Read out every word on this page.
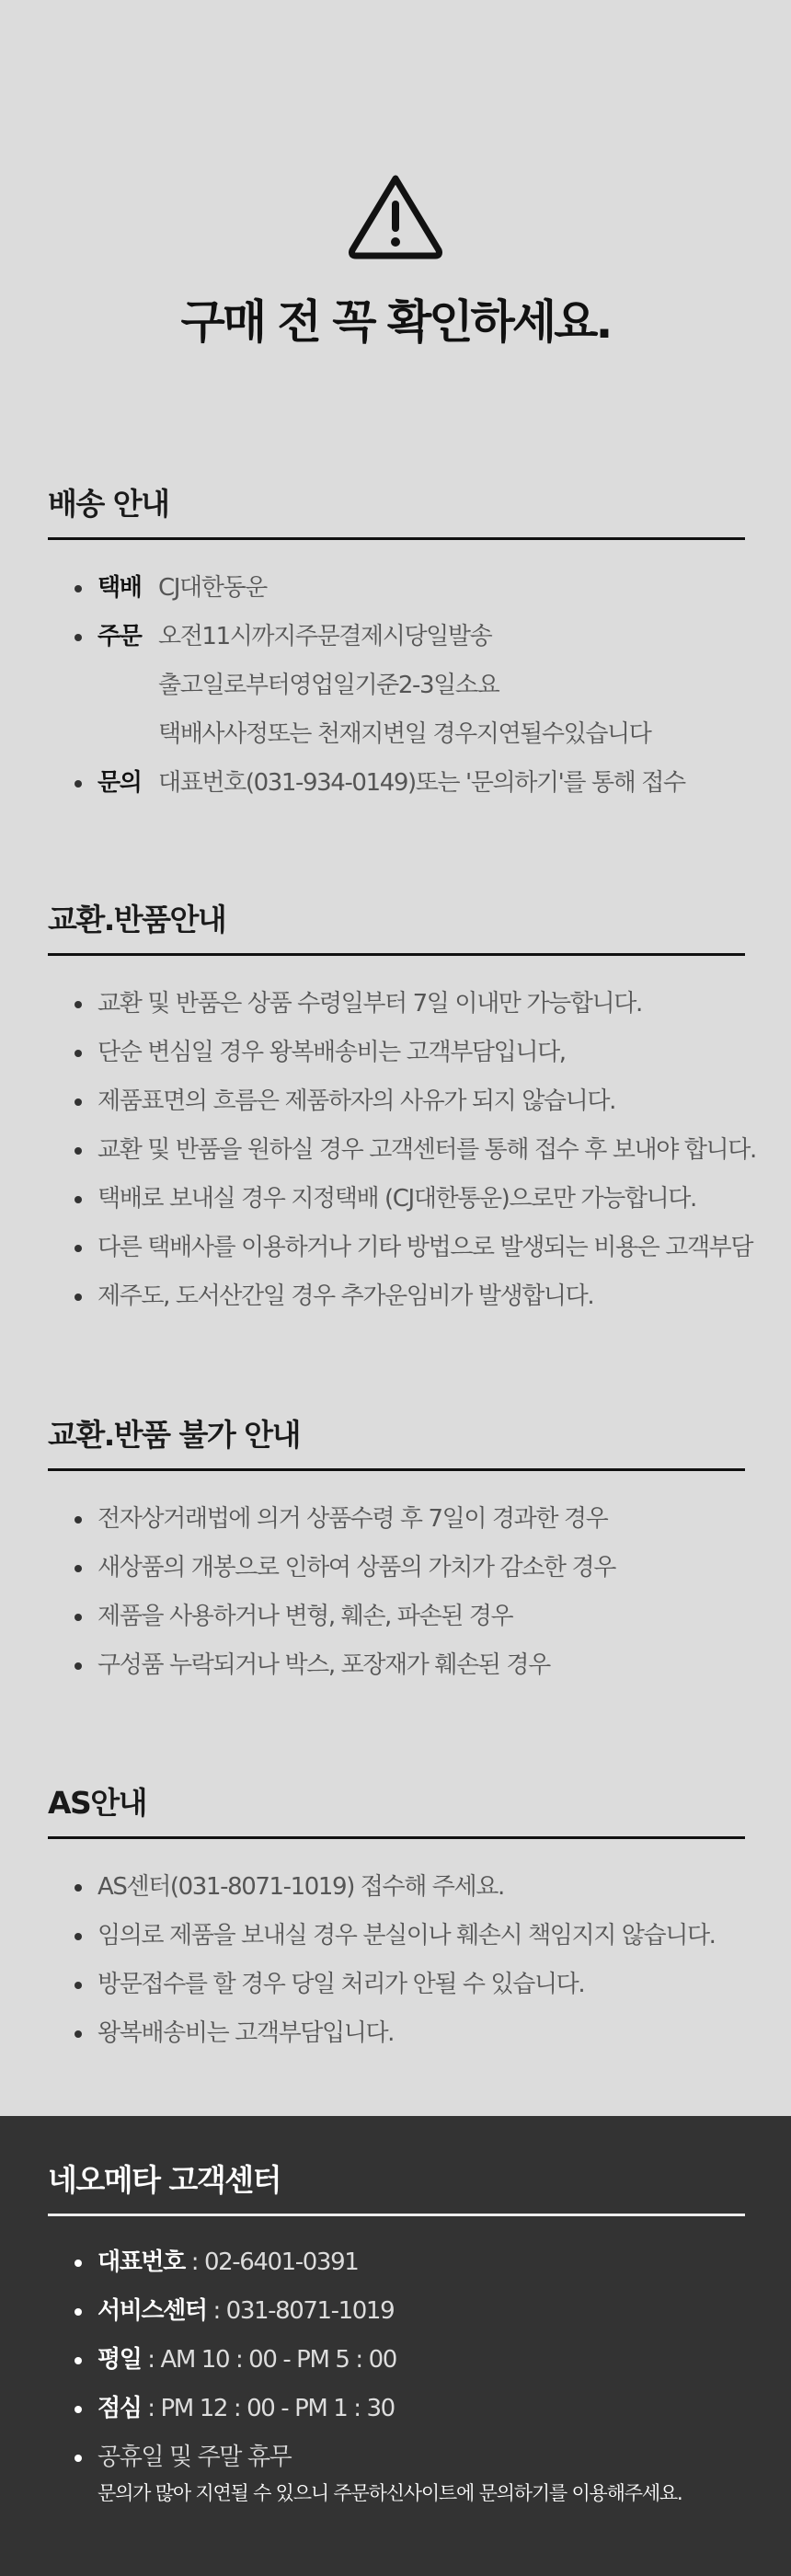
구매 전 꼭 확인하세요.
배송 안내
택배 CJ대한동운
주문 오전11시까지주문결제시당일발송
출고일로부터영업일기준2-3일소요
택배사사정또는 천재지변일 경우지연될수있습니다
문의 대표번호(031-934-0149)또는 '문의하기'를 통해 접수
교환.반품안내
교환 및 반품은 상품 수령일부터 7일 이내만 가능합니다.
단순 변심일 경우 왕복배송비는 고객부담입니다,
제품표면의 흐름은 제품하자의 사유가 되지 않습니다.
교환 및 반품을 원하실 경우 고객센터를 통해 접수 후 보내야 합니다.
택배로 보내실 경우 지정택배 (CJ대한통운)으로만 가능합니다.
다른 택배사를 이용하거나 기타 방법으로 발생되는 비용은 고객부담
제주도, 도서산간일 경우 추가운임비가 발생합니다.
교환.반품 불가 안내
전자상거래법에 의거 상품수령 후 7일이 경과한 경우
새상품의 개봉으로 인하여 상품의 가치가 감소한 경우
제품을 사용하거나 변형, 훼손, 파손된 경우
구성품 누락되거나 박스, 포장재가 훼손된 경우
AS안내
AS센터(031-8071-1019) 접수해 주세요.
임의로 제품을 보내실 경우 분실이나 훼손시 책임지지 않습니다.
방문접수를 할 경우 당일 처리가 안될 수 있습니다.
왕복배송비는 고객부담입니다.
네오메타 고객센터
대표번호 : 02-6401-0391
서비스센터 : 031-8071-1019
평일 : AM 10 : 00 - PM 5 : 00
점심 : PM 12 : 00 - PM 1 : 30
공휴일 및 주말 휴무
문의가 많아 지연될 수 있으니 주문하신사이트에 문의하기를 이용해주세요.
